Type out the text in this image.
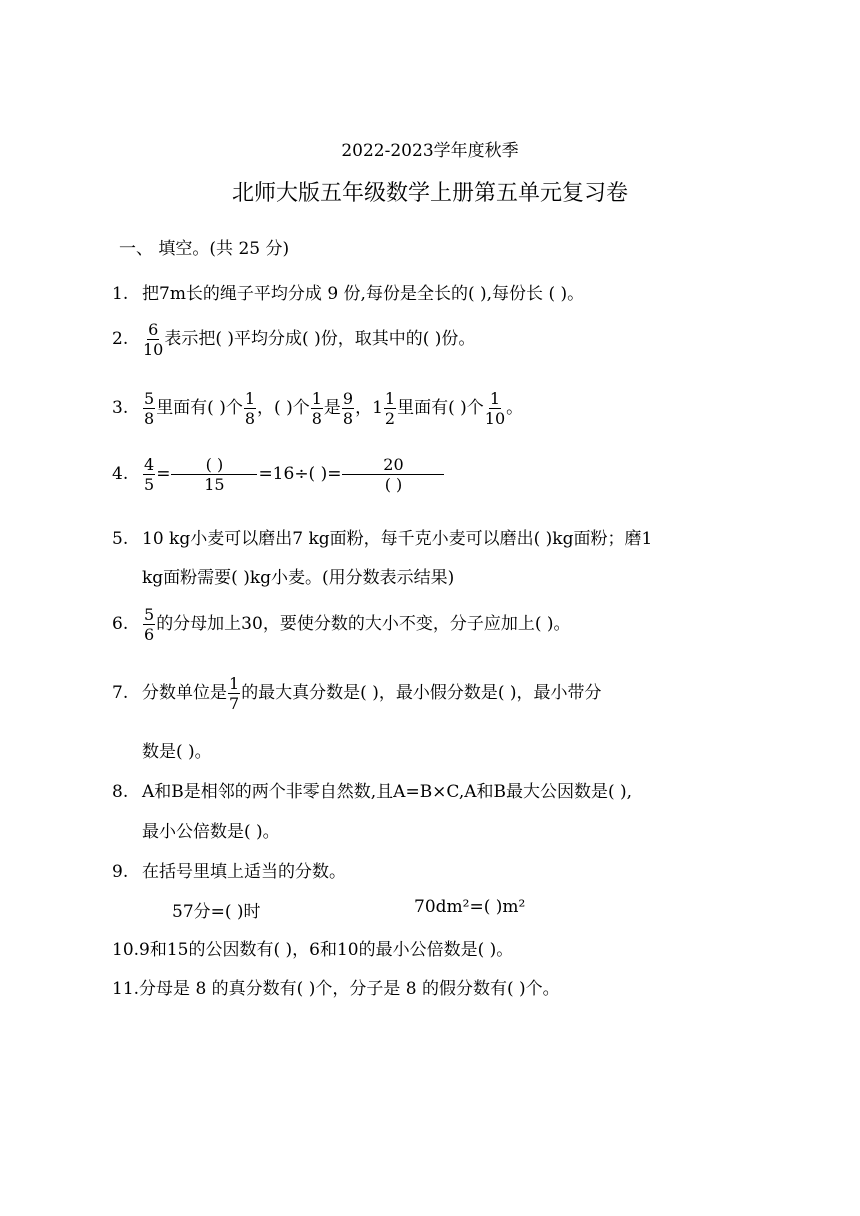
2022-2023学年度秋季
北师大版五年级数学上册第五单元复习卷
一、 填空。(共 25 分)
1. 把7m长的绳子平均分成 9 份,每份是全长的( ),每份长 ( )。
2. $\frac{6}{10}$ 表示把( )平均分成( )份，取其中的( )份。
3. $\frac{5}{8}$ 里面有( )个 $\frac{1}{8}$ ，( )个 $\frac{1}{8}$ 是 $\frac{9}{8}$ ，$1 \frac{1}{2}$ 里面有( )个 $\frac{1}{10}$ 。
4. $\frac{4}{5} = \frac{( )}{15} =16\div$( )= $\frac{20}{( )}$
5. 10 kg小麦可以磨出7 kg面粉，每千克小麦可以磨出( )kg面粉；磨1
kg面粉需要( )kg小麦。(用分数表示结果)
6. $\frac{5}{6}$ 的分母加上30，要使分数的大小不变，分子应加上( )。
7. 分数单位是 $\frac{1}{7}$ 的最大真分数是( )，最小假分数是( )，最小带分
数是( )。
8. A和B是相邻的两个非零自然数,且A=B×C,A和B最大公因数是( ),
最小公倍数是( )。
9. 在括号里填上适当的分数。
57分=( )时	70dm²=( )m²
10.9和15的公因数有( )，6和10的最小公倍数是( )。
11.分母是 8 的真分数有( )个，分子是 8 的假分数有( )个。
